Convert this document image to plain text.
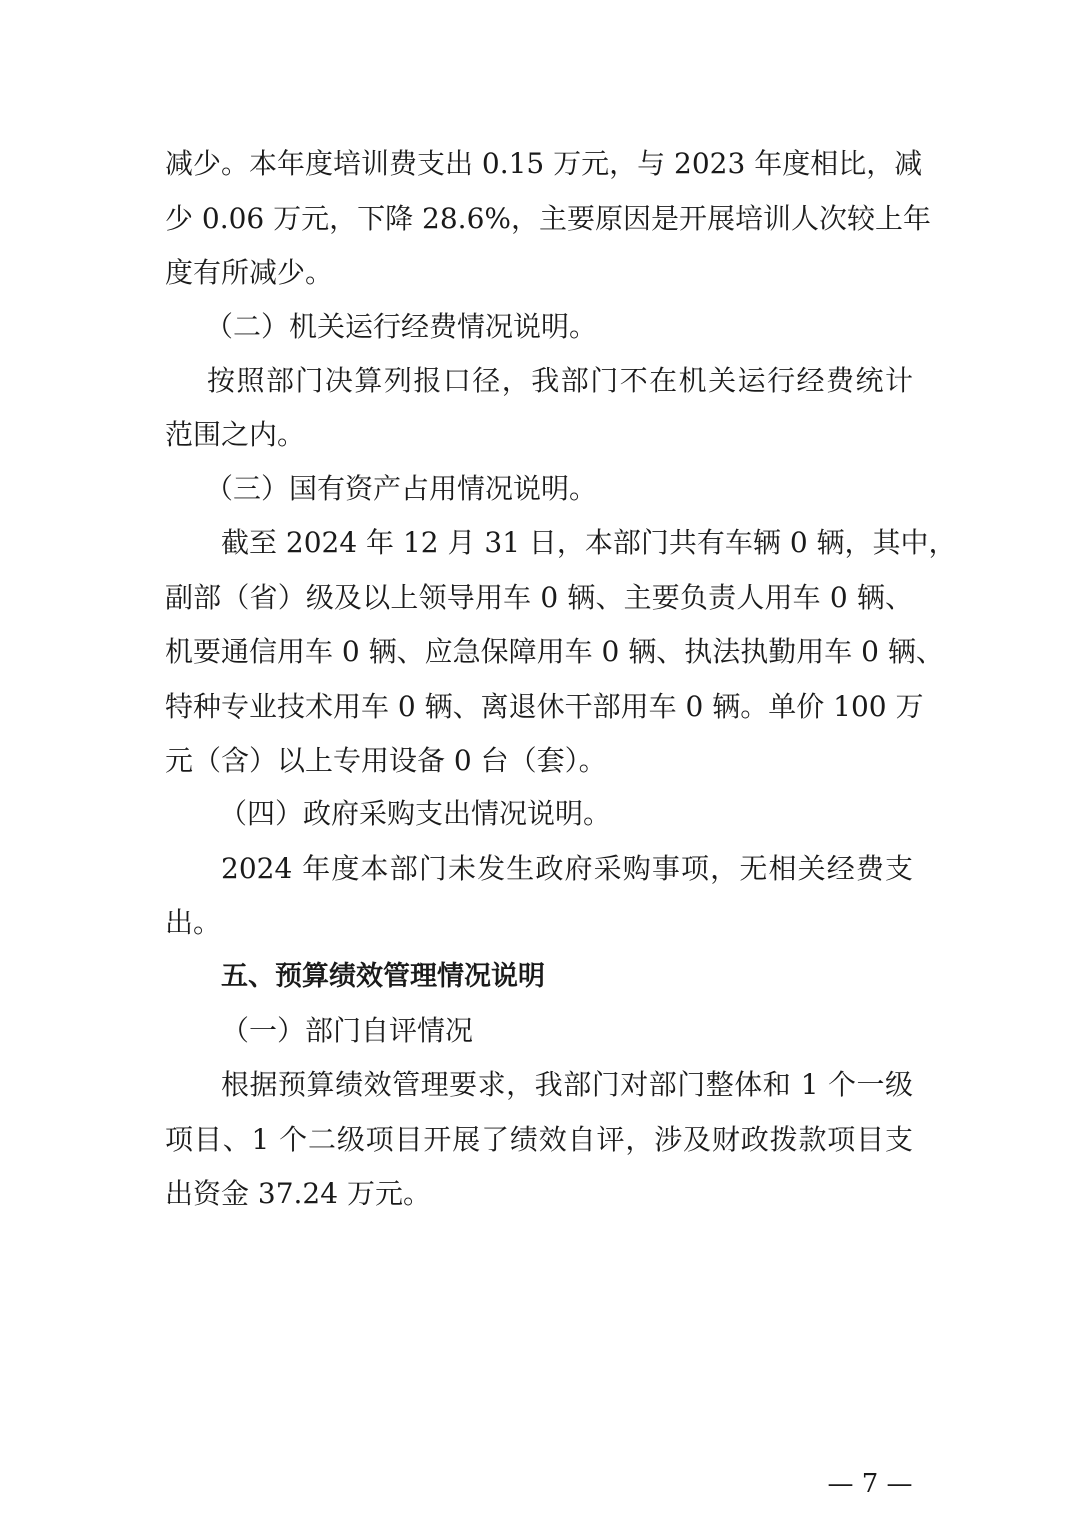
减少。本年度培训费支出 0.15 万元，与 2023 年度相比，减
少 0.06 万元，下降 28.6%，主要原因是开展培训人次较上年
度有所减少。
（二）机关运行经费情况说明。
按照部门决算列报口径，我部门不在机关运行经费统计
范围之内。
（三）国有资产占用情况说明。
截至 2024 年 12 月 31 日，本部门共有车辆 0 辆，其中，
副部（省）级及以上领导用车 0 辆、主要负责人用车 0 辆、
机要通信用车 0 辆、应急保障用车 0 辆、执法执勤用车 0 辆、
特种专业技术用车 0 辆、离退休干部用车 0 辆。单价 100 万
元（含）以上专用设备 0 台（套）。
（四）政府采购支出情况说明。
2024 年度本部门未发生政府采购事项，无相关经费支
出。
五、预算绩效管理情况说明
（一）部门自评情况
根据预算绩效管理要求，我部门对部门整体和 1 个一级
项目、1 个二级项目开展了绩效自评，涉及财政拨款项目支
出资金 37.24 万元。
— 7 —
